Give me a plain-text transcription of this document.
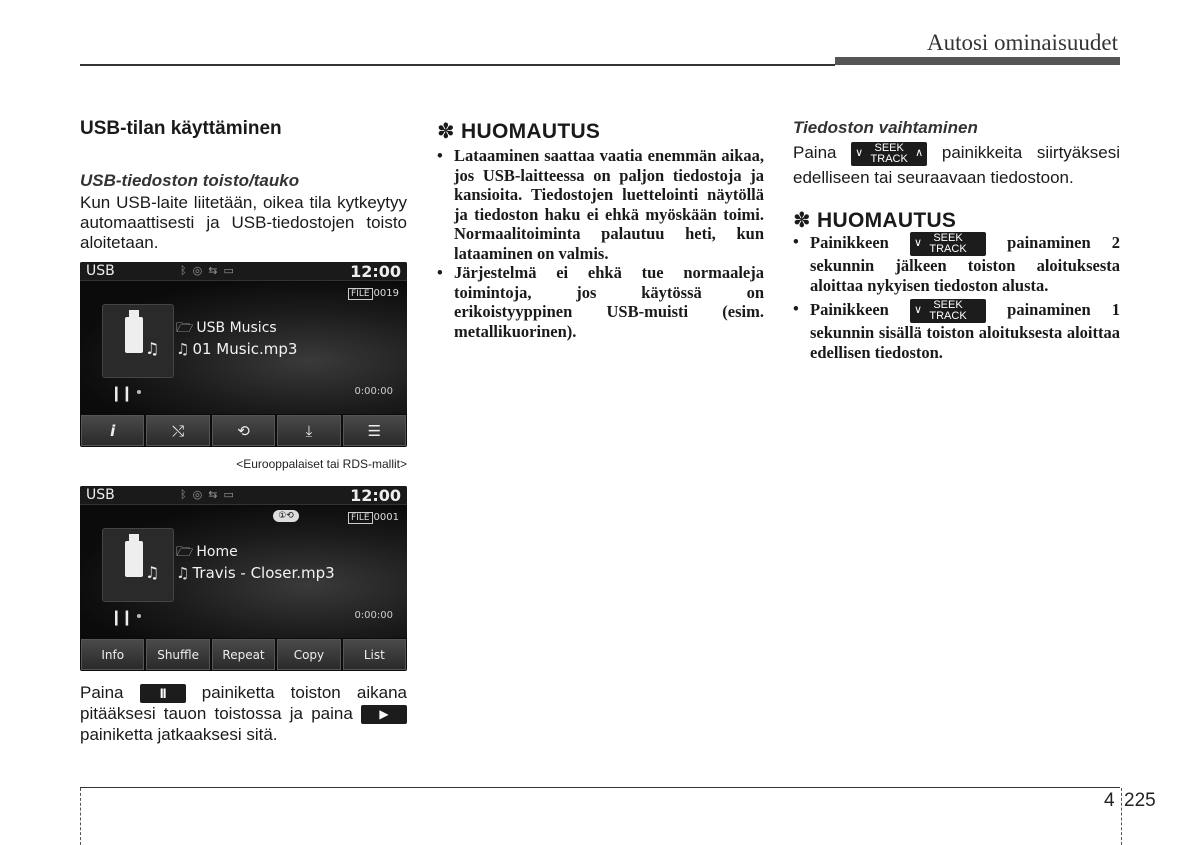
Autosi ominaisuudet
USB-tilan käyttäminen
USB-tiedoston toisto/tauko
Kun USB-laite liitetään, oikea tila kytkeytyy automaattisesti ja USB-tiedostojen toisto aloitetaan.
USB	ᛒ◎⇆▭	12:00
FILE 0019
♫
🗁 USB Musics
♫ 01 Music.mp3
❙❙	0:00:00
i	⤭	⟲	⤓	☰
<Eurooppalaiset tai RDS-mallit>
USB	ᛒ◎⇆▭	12:00
①⟲	FILE 0001
♫
🗁 Home
♫ Travis - Closer.mp3
❙❙	0:00:00
Info	Shuffle	Repeat	Copy	List
Paina	II painiketta toiston aikana pitääksesi tauon toistossa ja paina ▶ painiketta jatkaaksesi sitä.
✽ HUOMAUTUS
• Lataaminen saattaa vaatia enemmän aikaa, jos USB-laitteessa on paljon tiedostoja ja kansioita. Tiedostojen luettelointi näytöllä ja tiedoston haku ei ehkä myöskään toimi. Normaalitoiminta palautuu heti, kun lataaminen on valmis.
• Järjestelmä ei ehkä tue normaaleja toimintoja, jos käytössä on erikoistyyppinen USB-muisti (esim. metallikuorinen).
Tiedoston vaihtaminen
Paina ∨	SEEK
TRACK ∧ painikkeita siirtyäksesi edelliseen tai seuraavaan tiedostoon.
✽ HUOMAUTUS
• Painikkeen ∨	SEEK
TRACK	painaminen 2 sekunnin jälkeen toiston aloituksesta aloittaa nykyisen tiedoston alusta.
• Painikkeen ∨	SEEK
TRACK	painaminen 1 sekunnin sisällä toiston aloituksesta aloittaa edellisen tiedoston.
4 225
